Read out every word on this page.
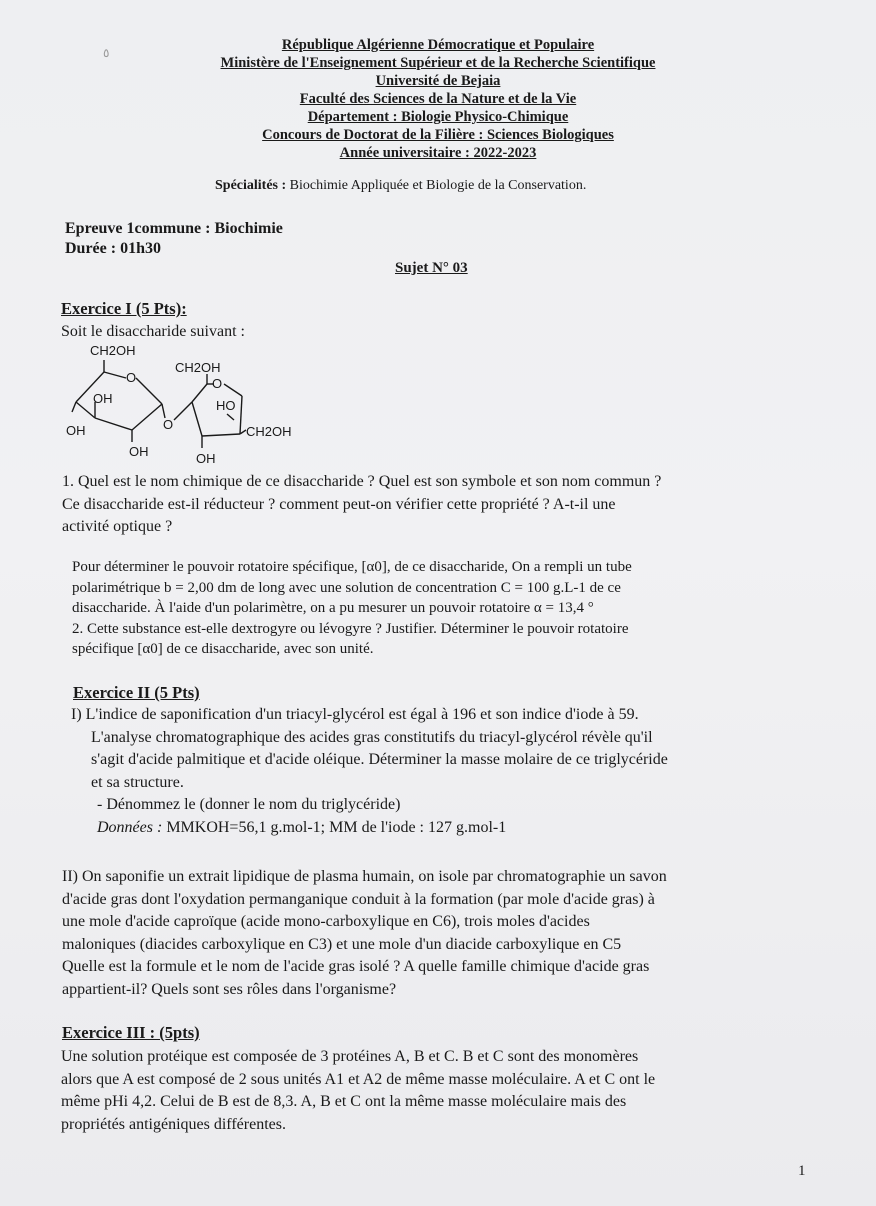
٥	République Algérienne Démocratique et Populaire
Ministère de l'Enseignement Supérieur et de la Recherche Scientifique
Université de Bejaia
Faculté des Sciences de la Nature et de la Vie
Département : Biologie Physico-Chimique
Concours de Doctorat de la Filière : Sciences Biologiques
Année universitaire : 2022-2023
Spécialités : Biochimie Appliquée et Biologie de la Conservation.
Epreuve 1commune : Biochimie
Durée : 01h30
Sujet N° 03
Exercice I (5 Pts):
Soit le disaccharide suivant :
CH2OH
O
OH
OH
OH
O
CH2OH
O
HO
CH2OH
OH
1. Quel est le nom chimique de ce disaccharide ? Quel est son symbole et son nom commun ?
Ce disaccharide est-il réducteur ? comment peut-on vérifier cette propriété ? A-t-il une
activité optique ?
Pour déterminer le pouvoir rotatoire spécifique, [α0], de ce disaccharide, On a rempli un tube
polarimétrique b = 2,00 dm de long avec une solution de concentration C = 100 g.L-1 de ce
disaccharide. À l'aide d'un polarimètre, on a pu mesurer un pouvoir rotatoire α = 13,4 °
2. Cette substance est-elle dextrogyre ou lévogyre ? Justifier. Déterminer le pouvoir rotatoire
spécifique [α0] de ce disaccharide, avec son unité.
Exercice II (5 Pts)
I) L'indice de saponification d'un triacyl-glycérol est égal à 196 et son indice d'iode à 59.
L'analyse chromatographique des acides gras constitutifs du triacyl-glycérol révèle qu'il
s'agit d'acide palmitique et d'acide oléique. Déterminer la masse molaire de ce triglycéride
et sa structure.
- Dénommez le (donner le nom du triglycéride)
Données : MMKOH=56,1 g.mol-1; MM de l'iode : 127 g.mol-1
II) On saponifie un extrait lipidique de plasma humain, on isole par chromatographie un savon
d'acide gras dont l'oxydation permanganique conduit à la formation (par mole d'acide gras) à
une mole d'acide caproïque (acide mono-carboxylique en C6), trois moles d'acides
maloniques (diacides carboxylique en C3) et une mole d'un diacide carboxylique en C5
Quelle est la formule et le nom de l'acide gras isolé ? A quelle famille chimique d'acide gras
appartient-il? Quels sont ses rôles dans l'organisme?
Exercice III : (5pts)
Une solution protéique est composée de 3 protéines A, B et C. B et C sont des monomères
alors que A est composé de 2 sous unités A1 et A2 de même masse moléculaire. A et C ont le
même pHi 4,2. Celui de B est de 8,3. A, B et C ont la même masse moléculaire mais des
propriétés antigéniques différentes.
1
